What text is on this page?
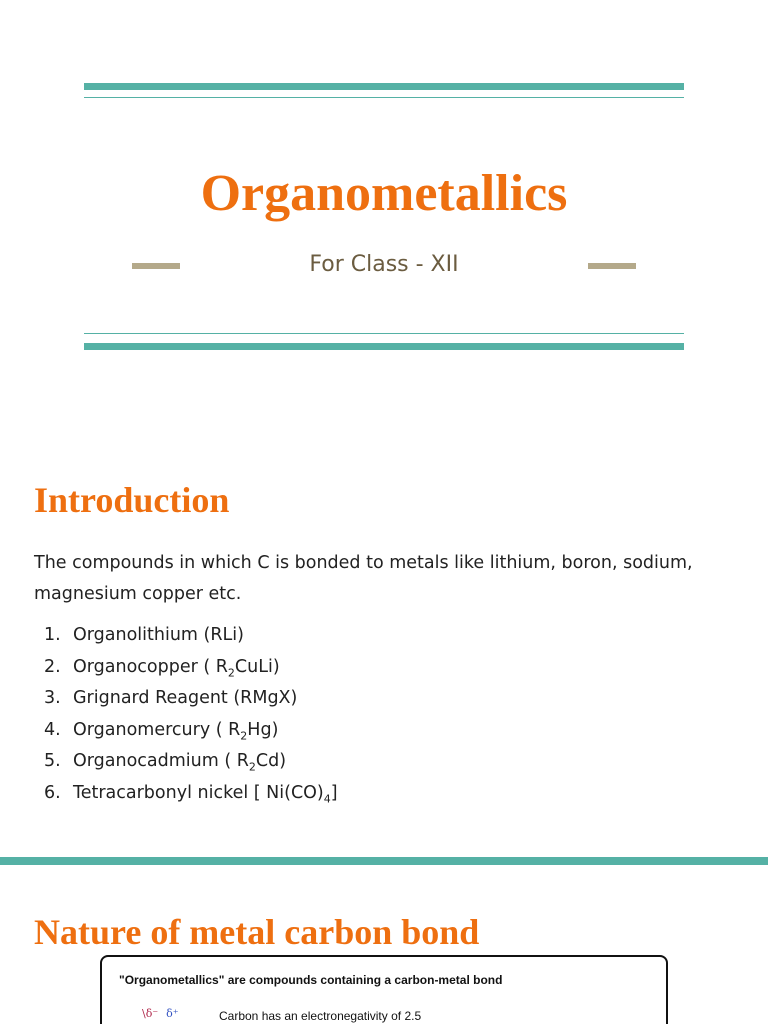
Organometallics
For Class - XII
Introduction

The compounds in which C is bonded to metals like lithium, boron, sodium, magnesium copper etc.

1. Organolithium (RLi)
2. Organocopper ( $R_2CuLi$)
3. Grignard Reagent (RMgX)
4. Organomercury ( $R_2Hg$)
5. Organocadmium ( $R_2Cd$)
6. Tetracarbonyl nickel [ $Ni(CO)_4$]
Nature of metal carbon bond
"Organometallics" are compounds containing a carbon-metal bond
\δ⁻ δ⁺	Carbon has an electronegativity of 2.5
